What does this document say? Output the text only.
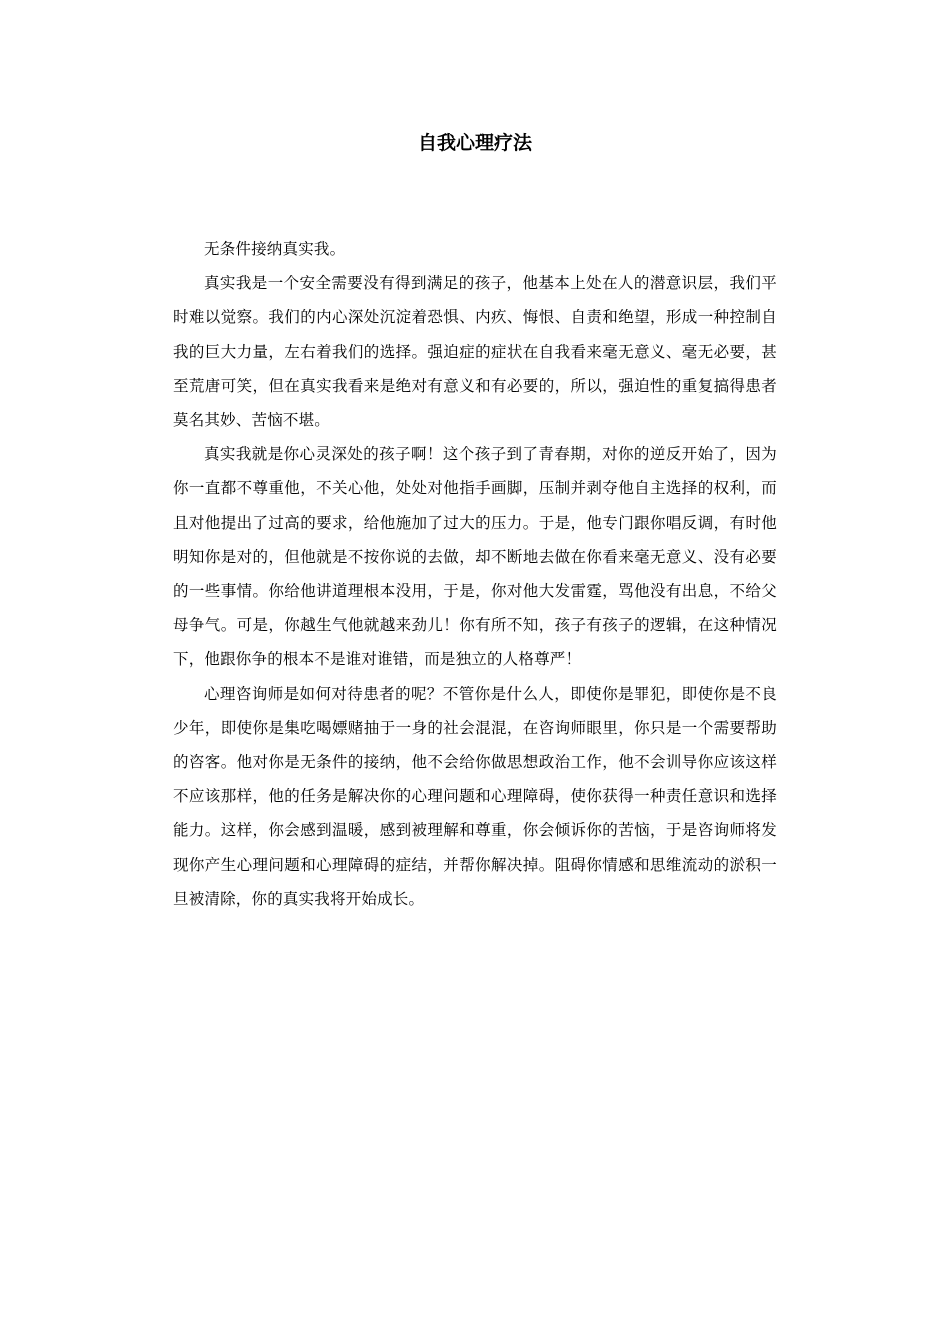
自我心理疗法

无条件接纳真实我。

真实我是一个安全需要没有得到满足的孩子，他基本上处在人的潜意识层，我们平时难以觉察。我们的内心深处沉淀着恐惧、内疚、悔恨、自责和绝望，形成一种控制自我的巨大力量，左右着我们的选择。强迫症的症状在自我看来毫无意义、毫无必要，甚至荒唐可笑，但在真实我看来是绝对有意义和有必要的，所以，强迫性的重复搞得患者莫名其妙、苦恼不堪。

真实我就是你心灵深处的孩子啊！这个孩子到了青春期，对你的逆反开始了，因为你一直都不尊重他，不关心他，处处对他指手画脚，压制并剥夺他自主选择的权利，而且对他提出了过高的要求，给他施加了过大的压力。于是，他专门跟你唱反调，有时他明知你是对的，但他就是不按你说的去做，却不断地去做在你看来毫无意义、没有必要的一些事情。你给他讲道理根本没用，于是，你对他大发雷霆，骂他没有出息，不给父母争气。可是，你越生气他就越来劲儿！你有所不知，孩子有孩子的逻辑，在这种情况下，他跟你争的根本不是谁对谁错，而是独立的人格尊严！

心理咨询师是如何对待患者的呢？不管你是什么人，即使你是罪犯，即使你是不良少年，即使你是集吃喝嫖赌抽于一身的社会混混，在咨询师眼里，你只是一个需要帮助的咨客。他对你是无条件的接纳，他不会给你做思想政治工作，他不会训导你应该这样不应该那样，他的任务是解决你的心理问题和心理障碍，使你获得一种责任意识和选择能力。这样，你会感到温暖，感到被理解和尊重，你会倾诉你的苦恼，于是咨询师将发现你产生心理问题和心理障碍的症结，并帮你解决掉。阻碍你情感和思维流动的淤积一旦被清除，你的真实我将开始成长。
